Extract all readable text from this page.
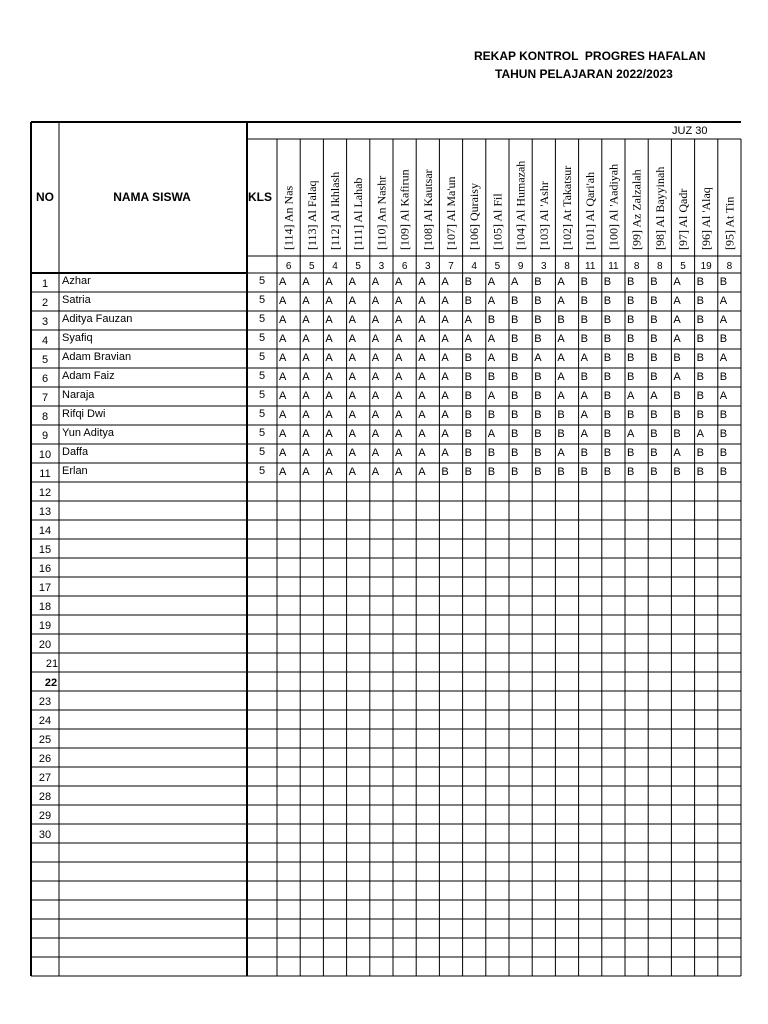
REKAP KONTROL  PROGRES HAFALAN

TAHUN PELAJARAN 2022/2023

NO	NAMA SISWA	KLS
JUZ 30
[114] An Nas [113] Al Falaq [112] Al Ikhlash [111] Al Lahab [110] An Nashr [109] Al Kafirun [108] Al Kautsar [107] Al Ma'un [106] Quraisy [105] Al Fil [104] Al Humazah [103] Al 'Ashr [102] At Takatsur [101] Al Qari'ah [100] Al 'Aadiyah [99] Az Zalzalah [98] Al Bayyinah [97] Al Qadr [96] Al 'Alaq [95] At Tin
6 5 4 5 3 6 3 7 4 5 9 3 8 11 11 8 8 5 19 8
1 Azhar	5 A A A A A A A A B A A B A B B B B A B B
2 Satria	5 A A A A A A A A B A B B A B B B B A B A
3 Aditya Fauzan	5 A A A A A A A A A B B B B B B B B A B A
4 Syafiq	5 A A A A A A A A A A B B A B B B B A B B
5 Adam Bravian	5 A A A A A A A A B A B A A A B B B B B A
6 Adam Faiz	5 A A A A A A A A B B B B A B B B B A B B
7 Naraja	5 A A A A A A A A B A B B A A B A A B B A
8 Rifqi Dwi	5 A A A A A A A A B B B B B A B B B B B B
9 Yun Aditya	5 A A A A A A A A B A B B B A B A B B A B
10 Daffa	5 A A A A A A A A B B B B A B B B B A B B
11 Erlan	5 A A A A A A A B B B B B B B B B B B B B
12
13
14
15
16
17
18
19
20
21
22
23
24
25
26
27
28
29
30
